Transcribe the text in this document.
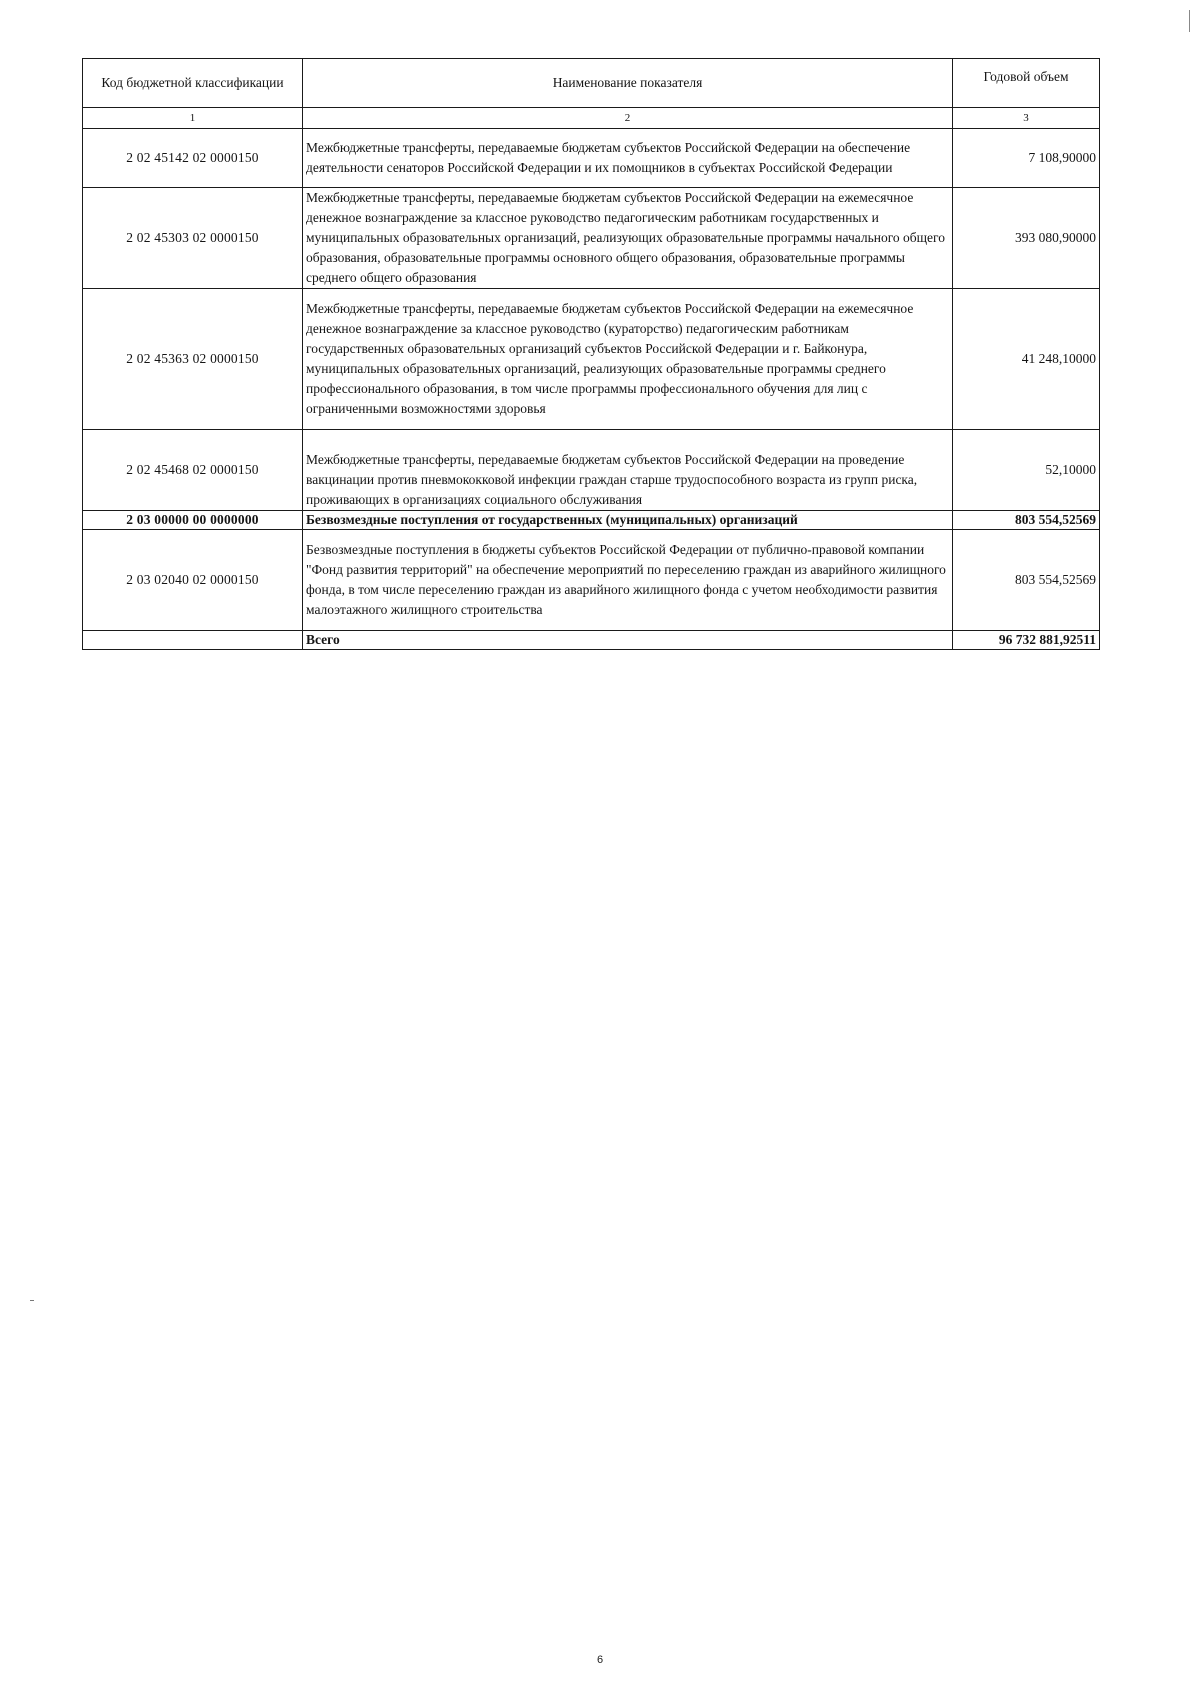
Код бюджетной классификации	Наименование показателя	Годовой объем
1	2	3
2 02 45142 02 0000150	Межбюджетные трансферты, передаваемые бюджетам субъектов Российской Федерации на обеспечение деятельности сенаторов Российской Федерации и их помощников в субъектах Российской Федерации	7 108,90000
2 02 45303 02 0000150	Межбюджетные трансферты, передаваемые бюджетам субъектов Российской Федерации на ежемесячное денежное вознаграждение за классное руководство педагогическим работникам государственных и муниципальных образовательных организаций, реализующих образовательные программы начального общего образования, образовательные программы основного общего образования, образовательные программы среднего общего образования	393 080,90000
2 02 45363 02 0000150	Межбюджетные трансферты, передаваемые бюджетам субъектов Российской Федерации на ежемесячное денежное вознаграждение за классное руководство (кураторство) педагогическим работникам государственных образовательных организаций субъектов Российской Федерации и г. Байконура, муниципальных образовательных организаций, реализующих образовательные программы среднего профессионального образования, в том числе программы профессионального обучения для лиц с ограниченными возможностями здоровья	41 248,10000
2 02 45468 02 0000150	Межбюджетные трансферты, передаваемые бюджетам субъектов Российской Федерации на проведение вакцинации против пневмококковой инфекции граждан старше трудоспособного возраста из групп риска, проживающих в организациях социального обслуживания	52,10000
2 03 00000 00 0000000	Безвозмездные поступления от государственных (муниципальных) организаций	803 554,52569
2 03 02040 02 0000150	Безвозмездные поступления в бюджеты субъектов Российской Федерации от публично-правовой компании "Фонд развития территорий" на обеспечение мероприятий по переселению граждан из аварийного жилищного фонда, в том числе переселению граждан из аварийного жилищного фонда с учетом необходимости развития малоэтажного жилищного строительства	803 554,52569
	Всего	96 732 881,92511
6
